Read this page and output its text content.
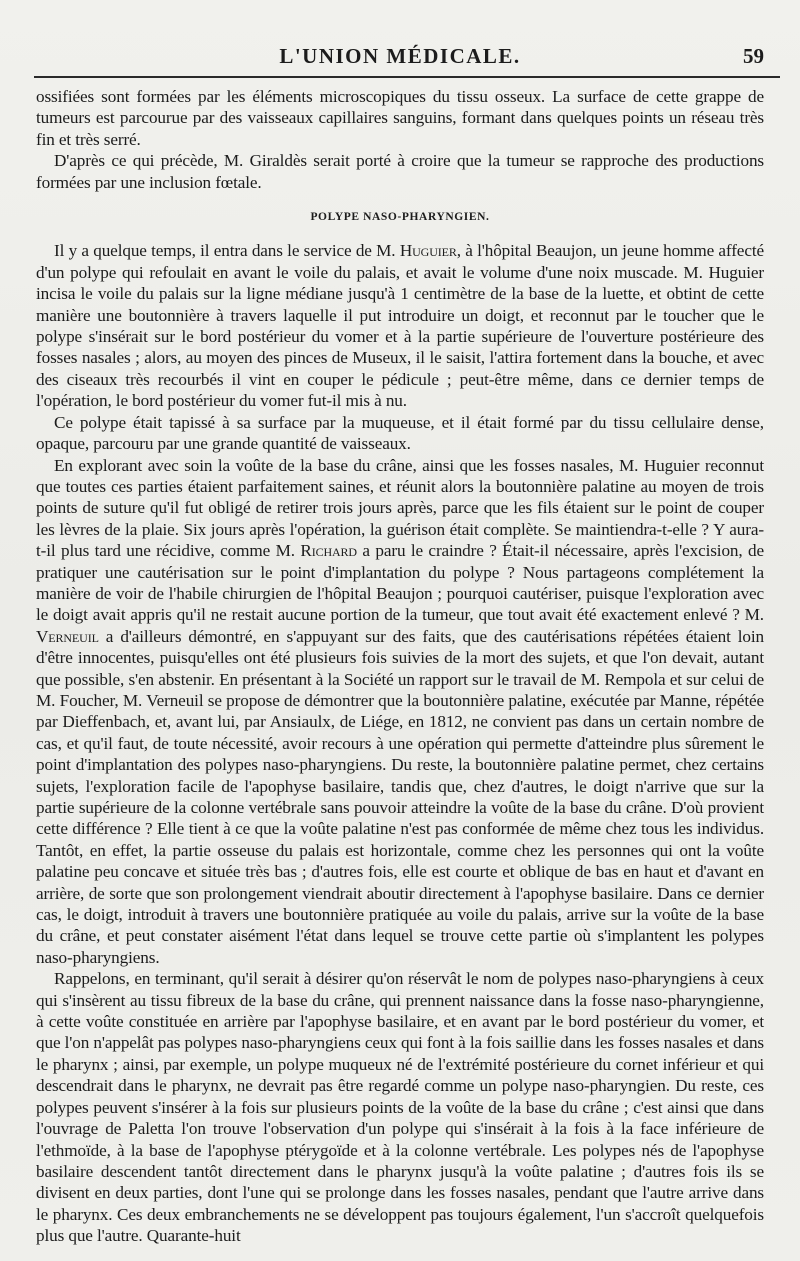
L'UNION MÉDICALE.	59

ossifiées sont formées par les éléments microscopiques du tissu osseux. La surface de cette grappe de tumeurs est parcourue par des vaisseaux capillaires sanguins, formant dans quelques points un réseau très fin et très serré.

D'après ce qui précède, M. Giraldès serait porté à croire que la tumeur se rapproche des productions formées par une inclusion fœtale.

POLYPE NASO-PHARYNGIEN.

Il y a quelque temps, il entra dans le service de M. Huguier, à l'hôpital Beaujon, un jeune homme affecté d'un polype qui refoulait en avant le voile du palais, et avait le volume d'une noix muscade. M. Huguier incisa le voile du palais sur la ligne médiane jusqu'à 1 centimètre de la base de la luette, et obtint de cette manière une boutonnière à travers laquelle il put introduire un doigt, et reconnut par le toucher que le polype s'insérait sur le bord postérieur du vomer et à la partie supérieure de l'ouverture postérieure des fosses nasales ; alors, au moyen des pinces de Museux, il le saisit, l'attira fortement dans la bouche, et avec des ciseaux très recourbés il vint en couper le pédicule ; peut-être même, dans ce dernier temps de l'opération, le bord postérieur du vomer fut-il mis à nu.

Ce polype était tapissé à sa surface par la muqueuse, et il était formé par du tissu cellulaire dense, opaque, parcouru par une grande quantité de vaisseaux.

En explorant avec soin la voûte de la base du crâne, ainsi que les fosses nasales, M. Huguier reconnut que toutes ces parties étaient parfaitement saines, et réunit alors la boutonnière palatine au moyen de trois points de suture qu'il fut obligé de retirer trois jours après, parce que les fils étaient sur le point de couper les lèvres de la plaie. Six jours après l'opération, la guérison était complète. Se maintiendra-t-elle ? Y aura-t-il plus tard une récidive, comme M. Richard a paru le craindre ? Était-il nécessaire, après l'excision, de pratiquer une cautérisation sur le point d'implantation du polype ? Nous partageons complétement la manière de voir de l'habile chirurgien de l'hôpital Beaujon ; pourquoi cautériser, puisque l'exploration avec le doigt avait appris qu'il ne restait aucune portion de la tumeur, que tout avait été exactement enlevé ? M. Verneuil a d'ailleurs démontré, en s'appuyant sur des faits, que des cautérisations répétées étaient loin d'être innocentes, puisqu'elles ont été plusieurs fois suivies de la mort des sujets, et que l'on devait, autant que possible, s'en abstenir. En présentant à la Société un rapport sur le travail de M. Rempola et sur celui de M. Foucher, M. Verneuil se propose de démontrer que la boutonnière palatine, exécutée par Manne, répétée par Dieffenbach, et, avant lui, par Ansiaulx, de Liége, en 1812, ne convient pas dans un certain nombre de cas, et qu'il faut, de toute nécessité, avoir recours à une opération qui permette d'atteindre plus sûrement le point d'implantation des polypes naso-pharyngiens. Du reste, la boutonnière palatine permet, chez certains sujets, l'exploration facile de l'apophyse basilaire, tandis que, chez d'autres, le doigt n'arrive que sur la partie supérieure de la colonne vertébrale sans pouvoir atteindre la voûte de la base du crâne. D'où provient cette différence ? Elle tient à ce que la voûte palatine n'est pas conformée de même chez tous les individus. Tantôt, en effet, la partie osseuse du palais est horizontale, comme chez les personnes qui ont la voûte palatine peu concave et située très bas ; d'autres fois, elle est courte et oblique de bas en haut et d'avant en arrière, de sorte que son prolongement viendrait aboutir directement à l'apophyse basilaire. Dans ce dernier cas, le doigt, introduit à travers une boutonnière pratiquée au voile du palais, arrive sur la voûte de la base du crâne, et peut constater aisément l'état dans lequel se trouve cette partie où s'implantent les polypes naso-pharyngiens.

Rappelons, en terminant, qu'il serait à désirer qu'on réservât le nom de polypes naso-pharyngiens à ceux qui s'insèrent au tissu fibreux de la base du crâne, qui prennent naissance dans la fosse naso-pharyngienne, à cette voûte constituée en arrière par l'apophyse basilaire, et en avant par le bord postérieur du vomer, et que l'on n'appelât pas polypes naso-pharyngiens ceux qui font à la fois saillie dans les fosses nasales et dans le pharynx ; ainsi, par exemple, un polype muqueux né de l'extrémité postérieure du cornet inférieur et qui descendrait dans le pharynx, ne devrait pas être regardé comme un polype naso-pharyngien. Du reste, ces polypes peuvent s'insérer à la fois sur plusieurs points de la voûte de la base du crâne ; c'est ainsi que dans l'ouvrage de Paletta l'on trouve l'observation d'un polype qui s'insérait à la fois à la face inférieure de l'ethmoïde, à la base de l'apophyse ptérygoïde et à la colonne vertébrale. Les polypes nés de l'apophyse basilaire descendent tantôt directement dans le pharynx jusqu'à la voûte palatine ; d'autres fois ils se divisent en deux parties, dont l'une qui se prolonge dans les fosses nasales, pendant que l'autre arrive dans le pharynx. Ces deux embranchements ne se développent pas toujours également, l'un s'accroît quelquefois plus que l'autre. Quarante-huit
